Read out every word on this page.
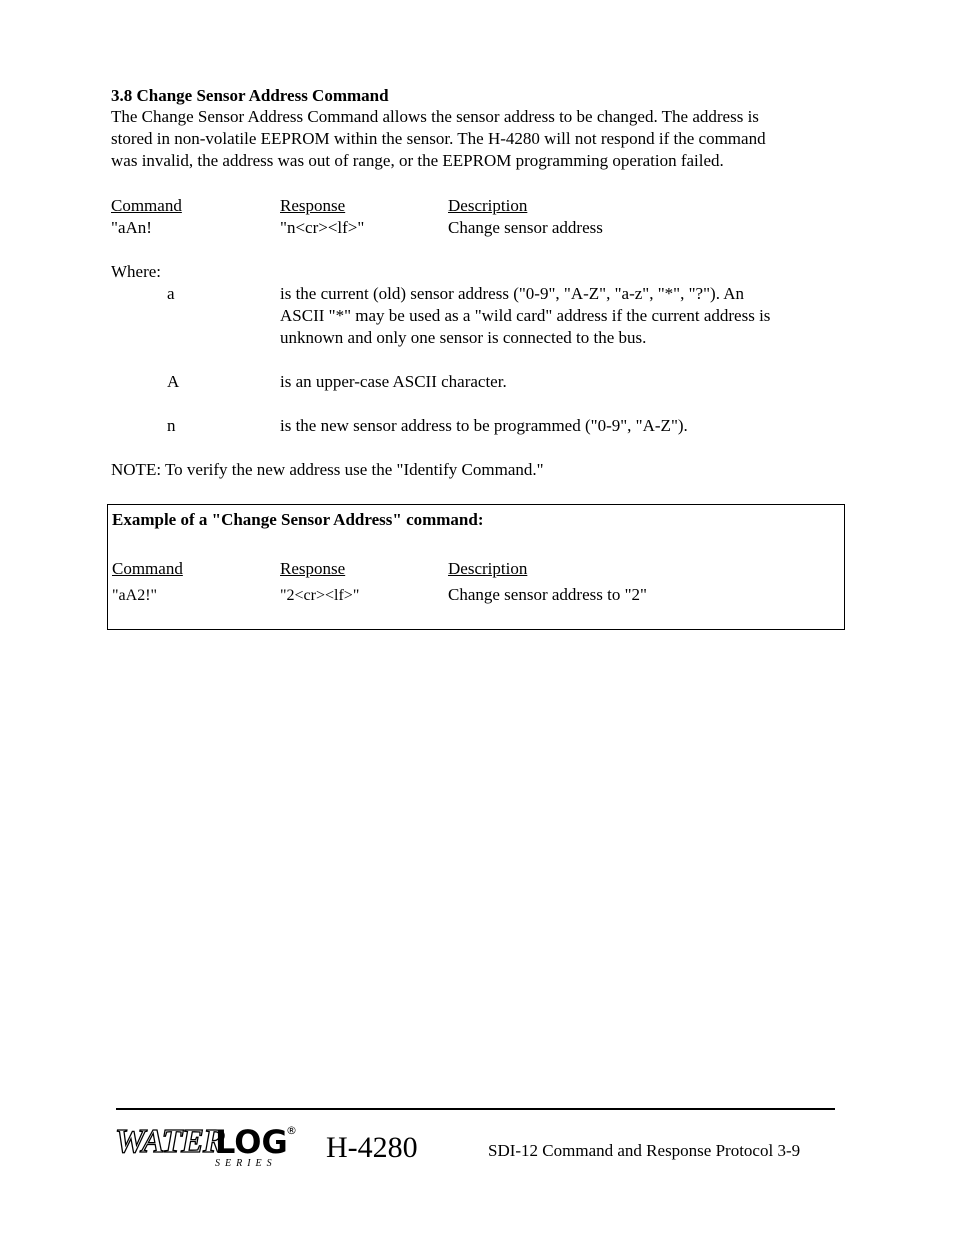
3.8 Change Sensor Address Command
The Change Sensor Address Command allows the sensor address to be changed. The address is
stored in non-volatile EEPROM within the sensor. The H-4280 will not respond if the command
was invalid, the address was out of range, or the EEPROM programming operation failed.
Command	Response	Description
"aAn!	"n<cr><lf>"	Change sensor address
Where:
a	is the current (old) sensor address ("0-9", "A-Z", "a-z", "*", "?"). An
ASCII "*" may be used as a "wild card" address if the current address is
unknown and only one sensor is connected to the bus.
A	is an upper-case ASCII character.
n	is the new sensor address to be programmed ("0-9", "A-Z").
NOTE: To verify the new address use the "Identify Command."
Example of a "Change Sensor Address" command:
Command	Response	Description
"aA2!"	"2<cr><lf>"	Change sensor address to "2"
WATER
LOG
SERIES
®
H-4280	SDI-12 Command and Response Protocol 3-9
